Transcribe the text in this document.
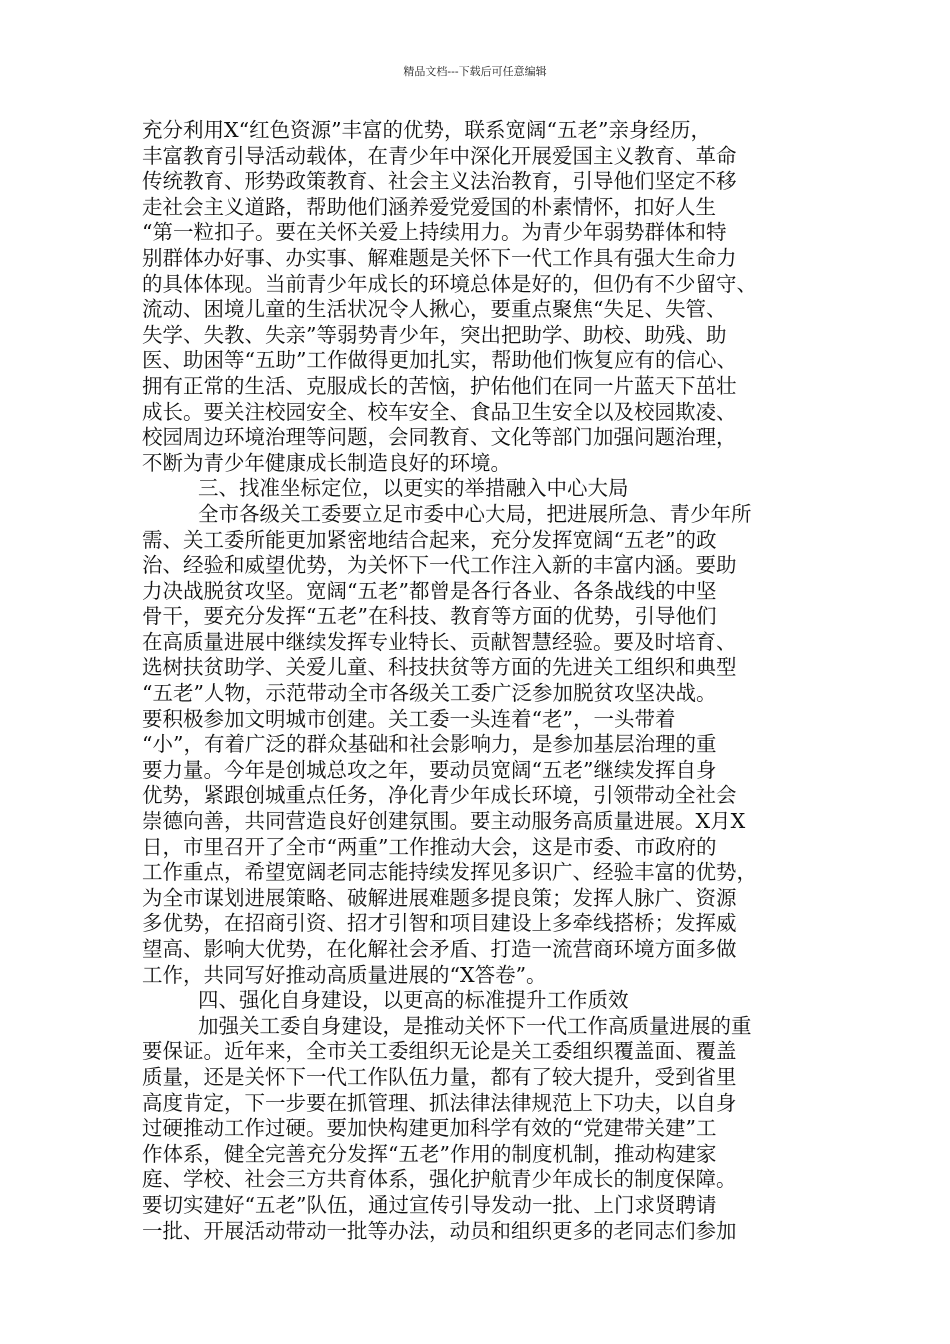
精品文档---下载后可任意编辑
充分利用X“红色资源”丰富的优势，联系宽阔“五老”亲身经历，
丰富教育引导活动载体，在青少年中深化开展爱国主义教育、革命
传统教育、形势政策教育、社会主义法治教育，引导他们坚定不移
走社会主义道路，帮助他们涵养爱党爱国的朴素情怀，扣好人生
“第一粒扣子。要在关怀关爱上持续用力。为青少年弱势群体和特
别群体办好事、办实事、解难题是关怀下一代工作具有强大生命力
的具体体现。当前青少年成长的环境总体是好的，但仍有不少留守、
流动、困境儿童的生活状况令人揪心，要重点聚焦“失足、失管、
失学、失教、失亲”等弱势青少年，突出把助学、助校、助残、助
医、助困等“五助”工作做得更加扎实，帮助他们恢复应有的信心、
拥有正常的生活、克服成长的苦恼，护佑他们在同一片蓝天下茁壮
成长。要关注校园安全、校车安全、食品卫生安全以及校园欺凌、
校园周边环境治理等问题，会同教育、文化等部门加强问题治理，
不断为青少年健康成长制造良好的环境。
三、找准坐标定位，以更实的举措融入中心大局
全市各级关工委要立足市委中心大局，把进展所急、青少年所
需、关工委所能更加紧密地结合起来，充分发挥宽阔“五老”的政
治、经验和威望优势，为关怀下一代工作注入新的丰富内涵。要助
力决战脱贫攻坚。宽阔“五老”都曾是各行各业、各条战线的中坚
骨干，要充分发挥“五老”在科技、教育等方面的优势，引导他们
在高质量进展中继续发挥专业特长、贡献智慧经验。要及时培育、
选树扶贫助学、关爱儿童、科技扶贫等方面的先进关工组织和典型
“五老”人物，示范带动全市各级关工委广泛参加脱贫攻坚决战。
要积极参加文明城市创建。关工委一头连着“老”，一头带着
“小”，有着广泛的群众基础和社会影响力，是参加基层治理的重
要力量。今年是创城总攻之年，要动员宽阔“五老”继续发挥自身
优势，紧跟创城重点任务，净化青少年成长环境，引领带动全社会
崇德向善，共同营造良好创建氛围。要主动服务高质量进展。X月X
日，市里召开了全市“两重”工作推动大会，这是市委、市政府的
工作重点，希望宽阔老同志能持续发挥见多识广、经验丰富的优势，
为全市谋划进展策略、破解进展难题多提良策；发挥人脉广、资源
多优势，在招商引资、招才引智和项目建设上多牵线搭桥；发挥威
望高、影响大优势，在化解社会矛盾、打造一流营商环境方面多做
工作，共同写好推动高质量进展的“X答卷”。
四、强化自身建设，以更高的标准提升工作质效
加强关工委自身建设，是推动关怀下一代工作高质量进展的重
要保证。近年来，全市关工委组织无论是关工委组织覆盖面、覆盖
质量，还是关怀下一代工作队伍力量，都有了较大提升，受到省里
高度肯定，下一步要在抓管理、抓法律法律规范上下功夫，以自身
过硬推动工作过硬。要加快构建更加科学有效的“党建带关建”工
作体系，健全完善充分发挥“五老”作用的制度机制，推动构建家
庭、学校、社会三方共育体系，强化护航青少年成长的制度保障。
要切实建好“五老”队伍，通过宣传引导发动一批、上门求贤聘请
一批、开展活动带动一批等办法，动员和组织更多的老同志们参加
